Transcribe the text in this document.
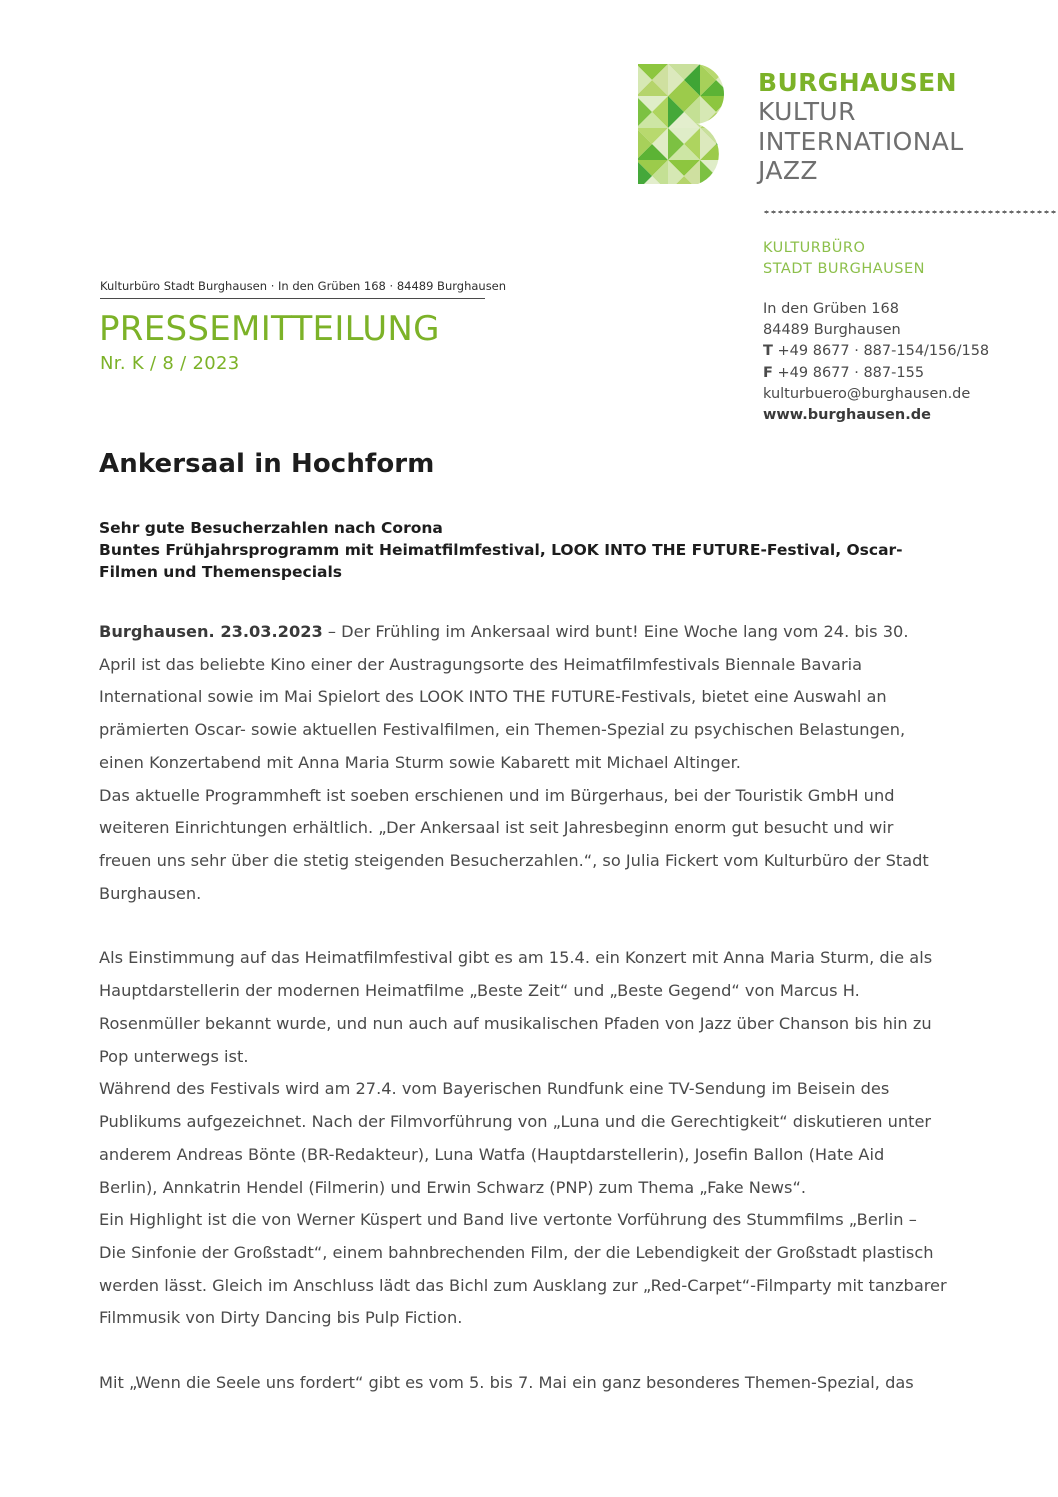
BURGHAUSEN
KULTUR
INTERNATIONAL
JAZZ
KULTURBÜRO
STADT BURGHAUSEN
In den Grüben 168
84489 Burghausen
T +49 8677 · 887-154/156/158
F +49 8677 · 887-155
kulturbuero@burghausen.de
www.burghausen.de
Kulturbüro Stadt Burghausen · In den Grüben 168 · 84489 Burghausen
PRESSEMITTEILUNG
Nr. K / 8 / 2023
Ankersaal in Hochform
Sehr gute Besucherzahlen nach Corona
Buntes Frühjahrsprogramm mit Heimatfilmfestival, LOOK INTO THE FUTURE-Festival, Oscar-Filmen und Themenspecials

Burghausen. 23.03.2023 – Der Frühling im Ankersaal wird bunt! Eine Woche lang vom 24. bis 30. April ist das beliebte Kino einer der Austragungsorte des Heimatfilmfestivals Biennale Bavaria International sowie im Mai Spielort des LOOK INTO THE FUTURE-Festivals, bietet eine Auswahl an prämierten Oscar- sowie aktuellen Festivalfilmen, ein Themen-Spezial zu psychischen Belastungen, einen Konzertabend mit Anna Maria Sturm sowie Kabarett mit Michael Altinger.

Das aktuelle Programmheft ist soeben erschienen und im Bürgerhaus, bei der Touristik GmbH und weiteren Einrichtungen erhältlich. „Der Ankersaal ist seit Jahresbeginn enorm gut besucht und wir freuen uns sehr über die stetig steigenden Besucherzahlen.“, so Julia Fickert vom Kulturbüro der Stadt Burghausen.

Als Einstimmung auf das Heimatfilmfestival gibt es am 15.4. ein Konzert mit Anna Maria Sturm, die als Hauptdarstellerin der modernen Heimatfilme „Beste Zeit“ und „Beste Gegend“ von Marcus H. Rosenmüller bekannt wurde, und nun auch auf musikalischen Pfaden von Jazz über Chanson bis hin zu Pop unterwegs ist.

Während des Festivals wird am 27.4. vom Bayerischen Rundfunk eine TV-Sendung im Beisein des Publikums aufgezeichnet. Nach der Filmvorführung von „Luna und die Gerechtigkeit“ diskutieren unter anderem Andreas Bönte (BR-Redakteur), Luna Watfa (Hauptdarstellerin), Josefin Ballon (Hate Aid Berlin), Annkatrin Hendel (Filmerin) und Erwin Schwarz (PNP) zum Thema „Fake News“.

Ein Highlight ist die von Werner Küspert und Band live vertonte Vorführung des Stummfilms „Berlin – Die Sinfonie der Großstadt“, einem bahnbrechenden Film, der die Lebendigkeit der Großstadt plastisch werden lässt. Gleich im Anschluss lädt das Bichl zum Ausklang zur „Red-Carpet“-Filmparty mit tanzbarer Filmmusik von Dirty Dancing bis Pulp Fiction.

Mit „Wenn die Seele uns fordert“ gibt es vom 5. bis 7. Mai ein ganz besonderes Themen-Spezial, das
